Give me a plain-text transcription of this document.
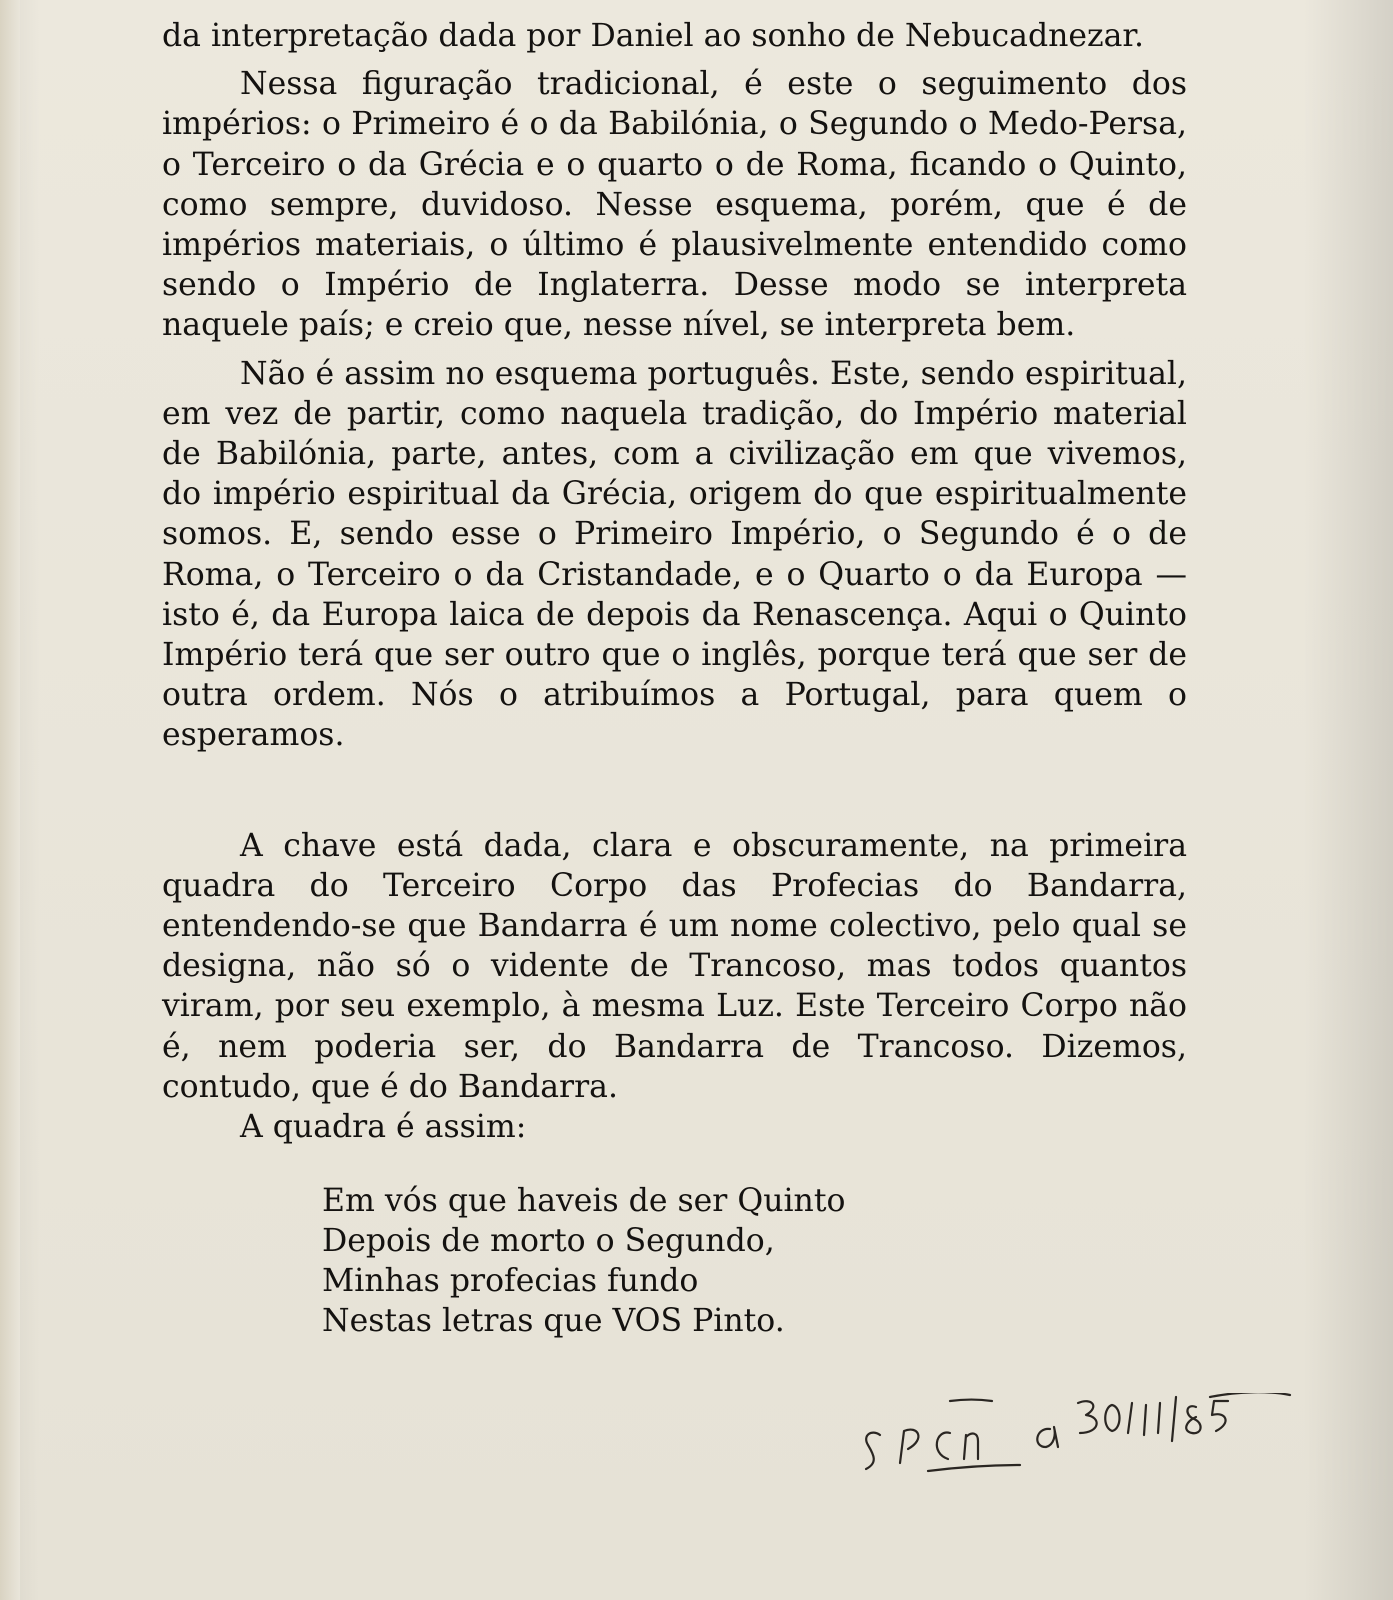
da interpretação dada por Daniel ao sonho de Nebucadnezar.

Nessa figuração tradicional, é este o seguimento dos impérios: o Primeiro é o da Babilónia, o Segundo o Medo-Persa, o Terceiro o da Grécia e o quarto o de Roma, ficando o Quinto, como sempre, duvidoso. Nesse esquema, porém, que é de impérios materiais, o último é plausivelmente entendido como sendo o Império de Inglaterra. Desse modo se interpreta naquele país; e creio que, nesse nível, se interpreta bem.

Não é assim no esquema português. Este, sendo espiritual, em vez de partir, como naquela tradição, do Império material de Babilónia, parte, antes, com a civilização em que vivemos, do império espiritual da Grécia, origem do que espiritualmente somos. E, sendo esse o Primeiro Império, o Segundo é o de Roma, o Terceiro o da Cristandade, e o Quarto o da Europa — isto é, da Europa laica de depois da Renascença. Aqui o Quinto Império terá que ser outro que o inglês, porque terá que ser de outra ordem. Nós o atribuímos a Portugal, para quem o esperamos.

A chave está dada, clara e obscuramente, na primeira quadra do Terceiro Corpo das Profecias do Bandarra, entendendo-se que Bandarra é um nome colectivo, pelo qual se designa, não só o vidente de Trancoso, mas todos quantos viram, por seu exemplo, à mesma Luz. Este Terceiro Corpo não é, nem poderia ser, do Bandarra de Trancoso. Dizemos, contudo, que é do Bandarra.

A quadra é assim:

Em vós que haveis de ser Quinto
Depois de morto o Segundo,
Minhas profecias fundo
Nestas letras que VOS Pinto.
